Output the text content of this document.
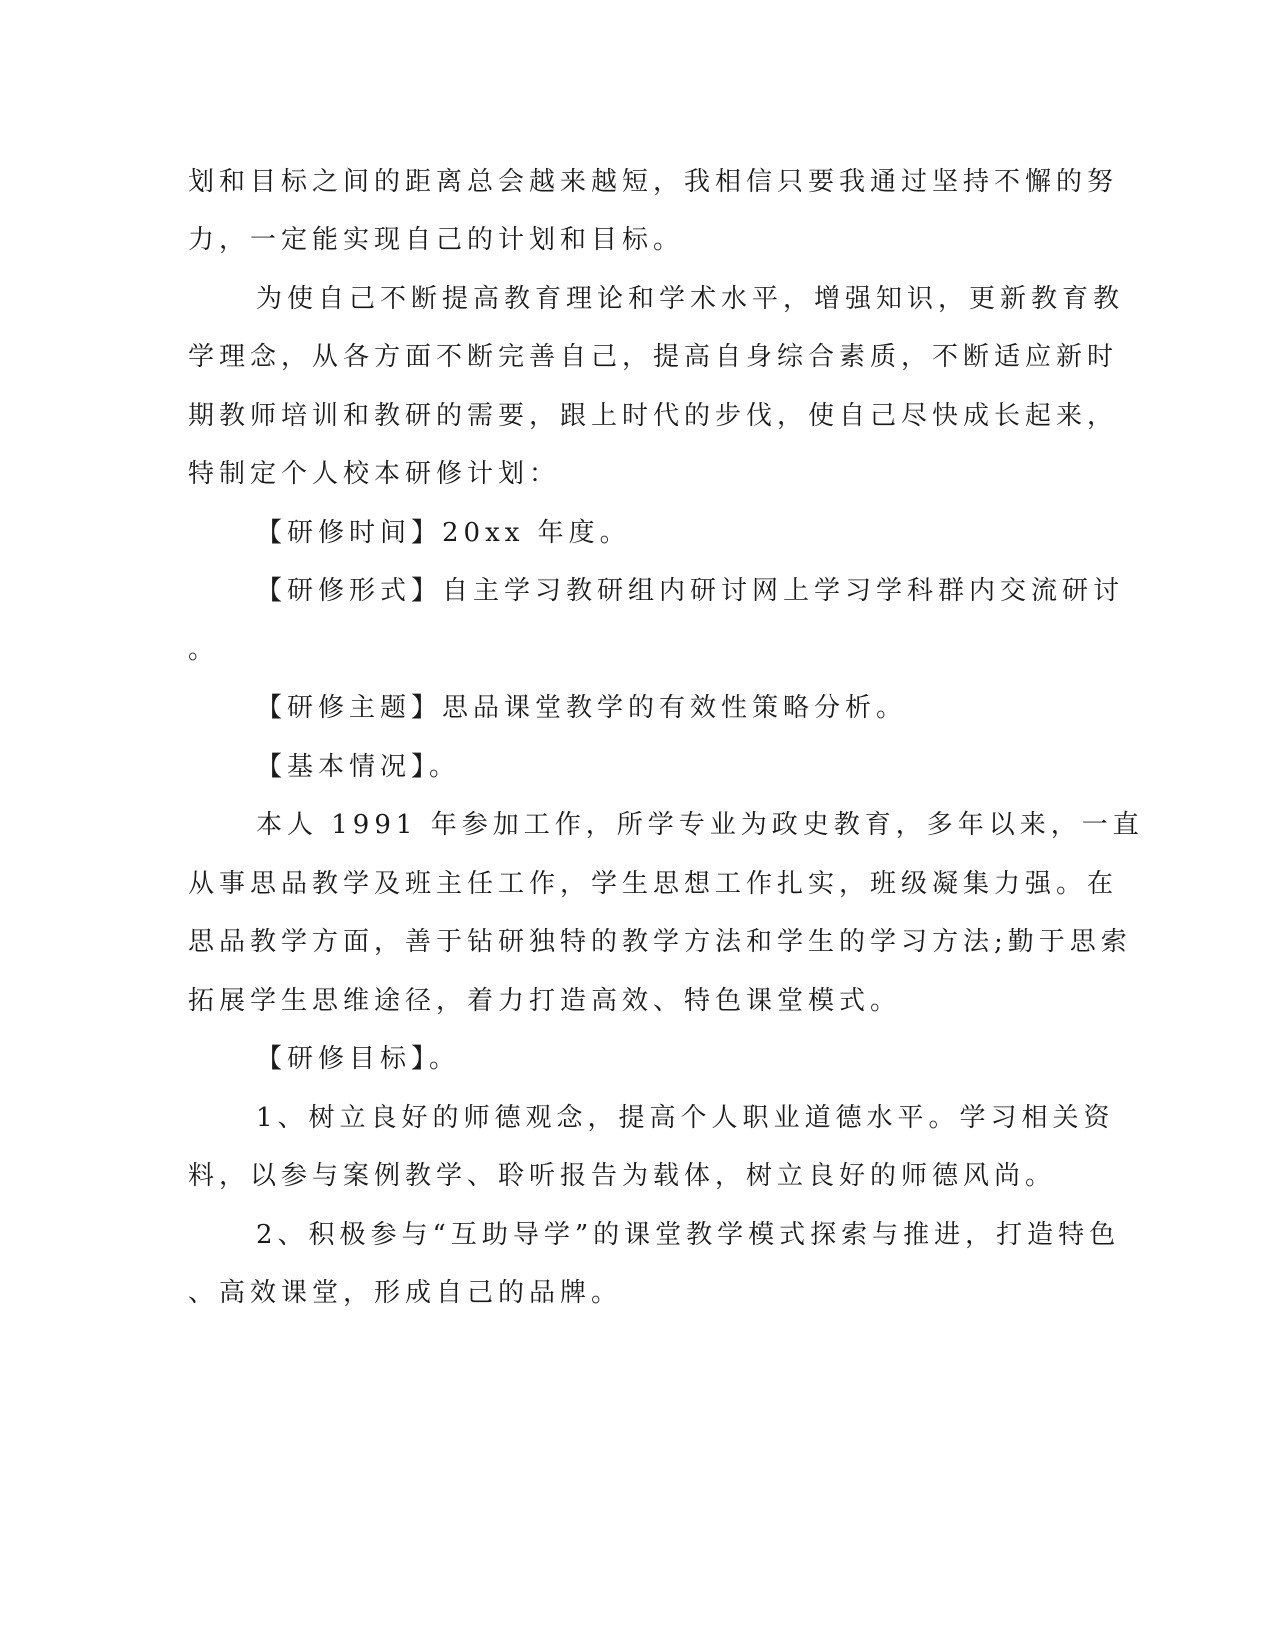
划和目标之间的距离总会越来越短，我相信只要我通过坚持不懈的努
力，一定能实现自己的计划和目标。
为使自己不断提高教育理论和学术水平，增强知识，更新教育教
学理念，从各方面不断完善自己，提高自身综合素质，不断适应新时
期教师培训和教研的需要，跟上时代的步伐，使自己尽快成长起来，
特制定个人校本研修计划：
【研修时间】20xx 年度。
【研修形式】自主学习教研组内研讨网上学习学科群内交流研讨
。
【研修主题】思品课堂教学的有效性策略分析。
【基本情况】。
本人 1991 年参加工作，所学专业为政史教育，多年以来，一直
从事思品教学及班主任工作，学生思想工作扎实，班级凝集力强。在
思品教学方面，善于钻研独特的教学方法和学生的学习方法;勤于思索
拓展学生思维途径，着力打造高效、特色课堂模式。
【研修目标】。
1、树立良好的师德观念，提高个人职业道德水平。学习相关资
料，以参与案例教学、聆听报告为载体，树立良好的师德风尚。
2、积极参与“互助导学”的课堂教学模式探索与推进，打造特色
、高效课堂，形成自己的品牌。
